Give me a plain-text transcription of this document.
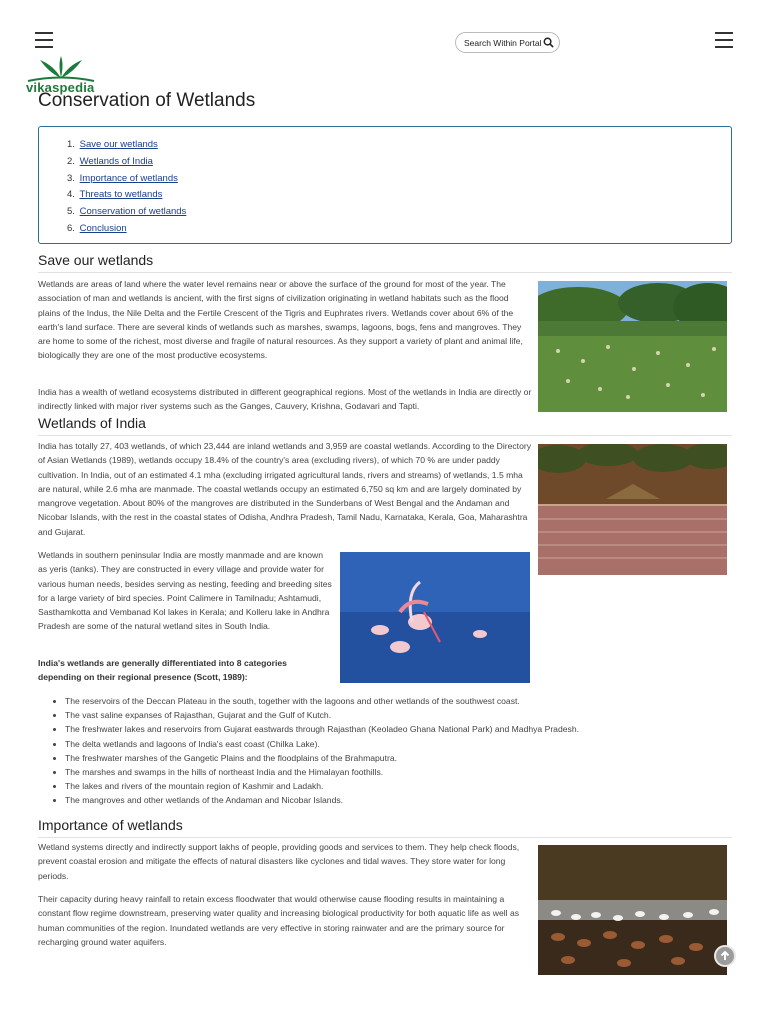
Search Within Portal
vikaspedia
Conservation of Wetlands
1. Save our wetlands
2. Wetlands of India
3. Importance of wetlands
4. Threats to wetlands
5. Conservation of wetlands
6. Conclusion
Save our wetlands

Wetlands are areas of land where the water level remains near or above the surface of the ground for most of the year. The association of man and wetlands is ancient, with the first signs of civilization originating in wetland habitats such as the flood plains of the Indus, the Nile Delta and the Fertile Crescent of the Tigris and Euphrates rivers. Wetlands cover about 6% of the earth's land surface. There are several kinds of wetlands such as marshes, swamps, lagoons, bogs, fens and mangroves. They are home to some of the richest, most diverse and fragile of natural resources. As they support a variety of plant and animal life, biologically they are one of the most productive ecosystems.

India has a wealth of wetland ecosystems distributed in different geographical regions. Most of the wetlands in India are directly or indirectly linked with major river systems such as the Ganges, Cauvery, Krishna, Godavari and Tapti.

Wetlands of India

India has totally 27, 403 wetlands, of which 23,444 are inland wetlands and 3,959 are coastal wetlands. According to the Directory of Asian Wetlands (1989), wetlands occupy 18.4% of the country's area (excluding rivers), of which 70 % are under paddy cultivation. In India, out of an estimated 4.1 mha (excluding irrigated agricultural lands, rivers and streams) of wetlands, 1.5 mha are natural, while 2.6 mha are manmade. The coastal wetlands occupy an estimated 6,750 sq km and are largely dominated by mangrove vegetation. About 80% of the mangroves are distributed in the Sunderbans of West Bengal and the Andaman and Nicobar Islands, with the rest in the coastal states of Odisha, Andhra Pradesh, Tamil Nadu, Karnataka, Kerala, Goa, Maharashtra and Gujarat.

Wetlands in southern peninsular India are mostly manmade and are known as yeris (tanks). They are constructed in every village and provide water for various human needs, besides serving as nesting, feeding and breeding sites for a large variety of bird species. Point Calimere in Tamilnadu; Ashtamudi, Sasthamkotta and Vembanad Kol lakes in Kerala; and Kolleru lake in Andhra Pradesh are some of the natural wetland sites in South India.

India's wetlands are generally differentiated into 8 categories depending on their regional presence (Scott, 1989):

• The reservoirs of the Deccan Plateau in the south, together with the lagoons and other wetlands of the southwest coast.
• The vast saline expanses of Rajasthan, Gujarat and the Gulf of Kutch.
• The freshwater lakes and reservoirs from Gujarat eastwards through Rajasthan (Keoladeo Ghana National Park) and Madhya Pradesh.
• The delta wetlands and lagoons of India's east coast (Chilka Lake).
• The freshwater marshes of the Gangetic Plains and the floodplains of the Brahmaputra.
• The marshes and swamps in the hills of northeast India and the Himalayan foothills.
• The lakes and rivers of the mountain region of Kashmir and Ladakh.
• The mangroves and other wetlands of the Andaman and Nicobar Islands.
Importance of wetlands

Wetland systems directly and indirectly support lakhs of people, providing goods and services to them. They help check floods, prevent coastal erosion and mitigate the effects of natural disasters like cyclones and tidal waves. They store water for long periods.

Their capacity during heavy rainfall to retain excess floodwater that would otherwise cause flooding results in maintaining a constant flow regime downstream, preserving water quality and increasing biological productivity for both aquatic life as well as human communities of the region. Inundated wetlands are very effective in storing rainwater and are the primary source for recharging ground water aquifers.
